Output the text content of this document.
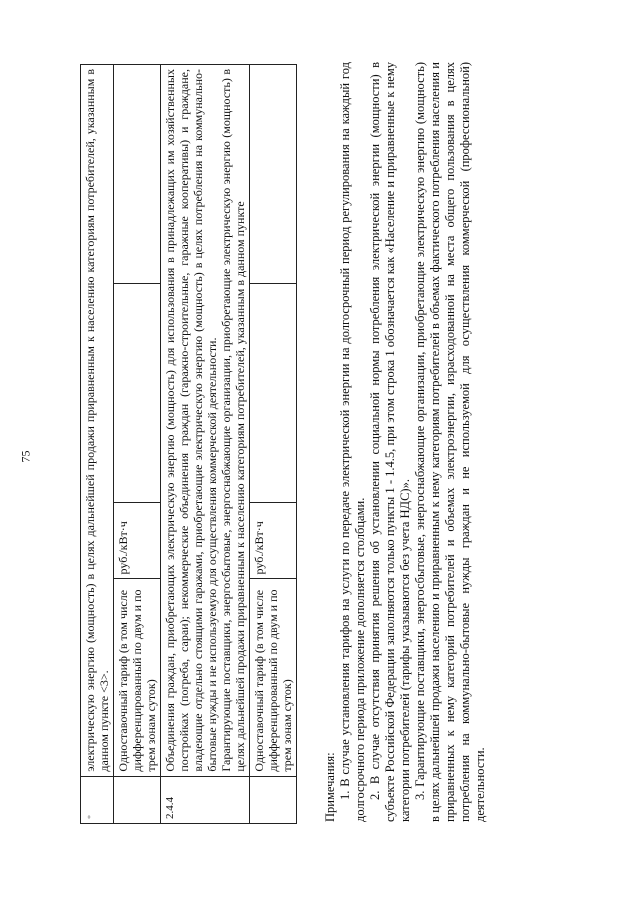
75
*	электрическую энергию (мощность) в целях дальнейшей продажи приравненным к населению категориям потребителей, указанным в данном пункте <3>.			
	Одноставочный тариф (в том числе дифференцированный по двум и по трем зонам суток)	руб./кВт·ч		
2.4.4	Объединения граждан, приобретающих электрическую энергию (мощность) для использования в принадлежащих им хозяйственных постройках (погреба, сараи); некоммерческие объединения граждан (гаражно-строительные, гаражные кооперативы) и граждане, владеющие отдельно стоящими гаражами, приобретающие электрическую энергию (мощность) в целях потребления на коммунально-бытовые нужды и не используемую для осуществления коммерческой деятельности. Гарантирующие поставщики, энергосбытовые, энергоснабжающие организации, приобретающие электрическую энергию (мощность) в целях дальнейшей продажи приравненным к населению категориям потребителей, указанным в данном пункте			

	Одноставочный тариф (в том числе дифференцированный по двум и по трем зонам суток)	руб./кВт·ч		

Примечания: 1. В случае установления тарифов на услуги по передаче электрической энергии на долгосрочный период регулирования на каждый год долгосрочного периода приложение дополняется столбцами. 2. В случае отсутствия принятия решения об установлении социальной нормы потребления электрической энергии (мощности) в субъекте Российской Федерации заполняются только пункты 1 - 1.4.5, при этом строка 1 обозначается как «Население и приравненные к нему категории потребителей (тарифы указываются без учета НДС)». 3. Гарантирующие поставщики, энергосбытовые, энергоснабжающие организации, приобретающие электрическую энергию (мощность) в целях дальнейшей продажи населению и приравненным к нему категориям потребителей в объемах фактического потребления населения и приравненных к нему категорий потребителей и объемах электроэнергии, израсходованной на места общего пользования в целях потребления на коммунально-бытовые нужды граждан и не используемой для осуществления коммерческой (профессиональной) деятельности.
